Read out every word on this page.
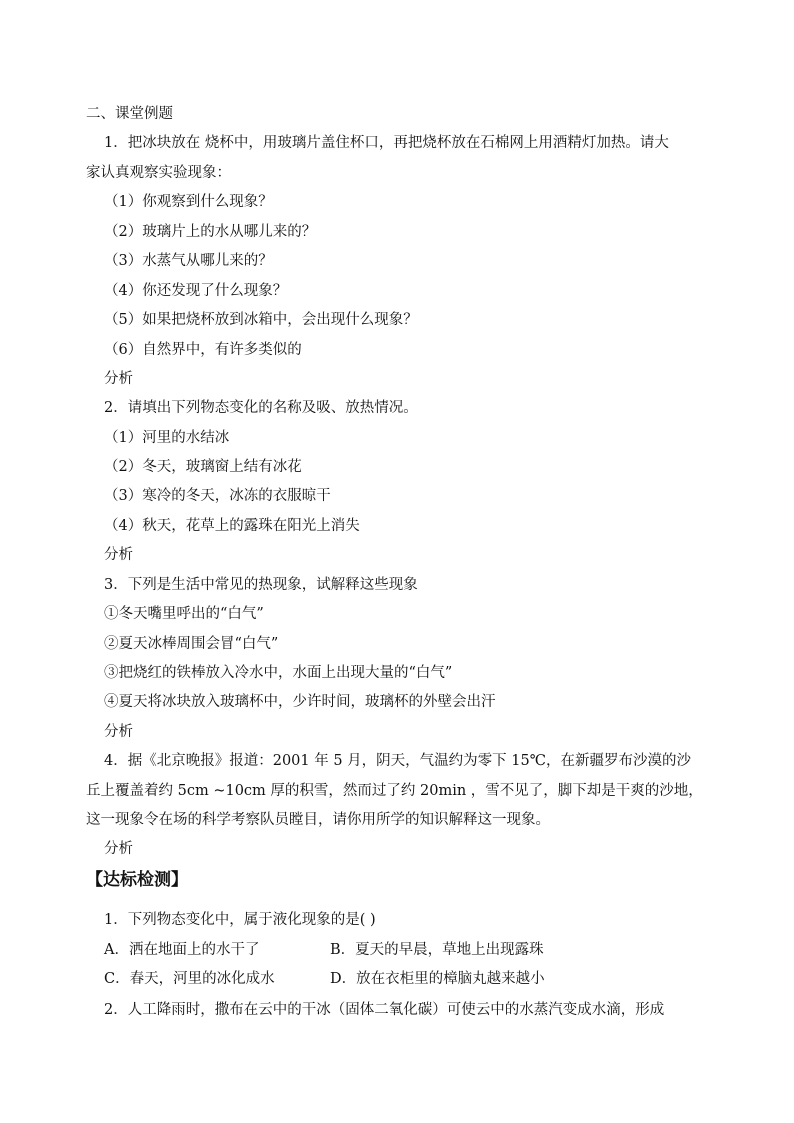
二、课堂例题
1．把冰块放在 烧杯中，用玻璃片盖住杯口，再把烧杯放在石棉网上用酒精灯加热。请大
家认真观察实验现象：
（1）你观察到什么现象？
（2）玻璃片上的水从哪儿来的？
（3）水蒸气从哪儿来的？
（4）你还发现了什么现象？
（5）如果把烧杯放到冰箱中，会出现什么现象？
（6）自然界中，有许多类似的
分析
2．请填出下列物态变化的名称及吸、放热情况。
（1）河里的水结冰
（2）冬天，玻璃窗上结有冰花
（3）寒冷的冬天，冰冻的衣服晾干
（4）秋天，花草上的露珠在阳光上消失
分析
3．下列是生活中常见的热现象，试解释这些现象
①冬天嘴里呼出的“白气”
②夏天冰棒周围会冒“白气”
③把烧红的铁棒放入冷水中，水面上出现大量的“白气”
④夏天将冰块放入玻璃杯中，少许时间，玻璃杯的外壁会出汗
分析
4．据《北京晚报》报道：2001 年 5 月，阴天，气温约为零下 15℃，在新疆罗布沙漠的沙
丘上覆盖着约 5cm ~10cm 厚的积雪，然而过了约 20min ，雪不见了，脚下却是干爽的沙地，
这一现象令在场的科学考察队员瞠目，请你用所学的知识解释这一现象。
分析
【达标检测】
1．下列物态变化中，属于液化现象的是( )
A．洒在地面上的水干了	B．夏天的早晨，草地上出现露珠
C．春天，河里的冰化成水	D．放在衣柜里的樟脑丸越来越小
2．人工降雨时，撒布在云中的干冰（固体二氧化碳）可使云中的水蒸汽变成水滴，形成
